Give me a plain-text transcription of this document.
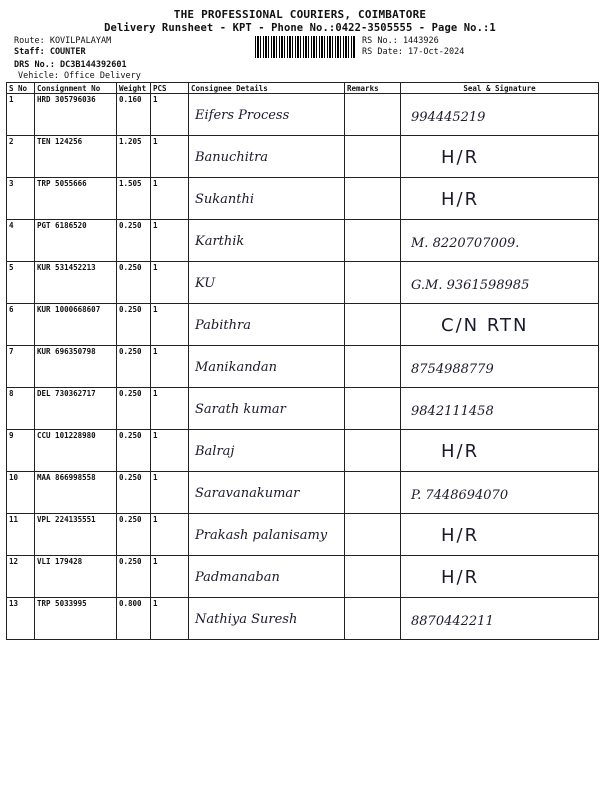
THE PROFESSIONAL COURIERS, COIMBATORE
Delivery Runsheet - KPT - Phone No.:0422-3505555 - Page No.:1
Route: KOVILPALAYAM
Staff: COUNTER
DRS No.: DC3B144392601
Vehicle: Office Delivery
RS No.: 1443926
RS Date: 17-Oct-2024
S No	Consignment No	Weight	PCS	Consignee Details	Remarks	Seal & Signature
1	HRD 305796036	0.160	1	Eifers Process		994445219
2	TEN 124256	1.205	1	Banuchitra		H/R
3	TRP 5055666	1.505	1	Sukanthi		H/R
4	PGT 6186520	0.250	1	Karthik		M. 8220707009.
5	KUR 531452213	0.250	1	KU		G.M. 9361598985
6	KUR 1000668607	0.250	1	Pabithra		C/N RTN
7	KUR 696350798	0.250	1	Manikandan		8754988779
8	DEL 730362717	0.250	1	Sarath kumar		9842111458
9	CCU 101228980	0.250	1	Balraj		H/R
10	MAA 866998558	0.250	1	Saravanakumar		P. 7448694070
11	VPL 224135551	0.250	1	Prakash palanisamy		H/R
12	VLI 179428	0.250	1	Padmanaban		H/R
13	TRP 5033995	0.800	1	Nathiya Suresh		8870442211
